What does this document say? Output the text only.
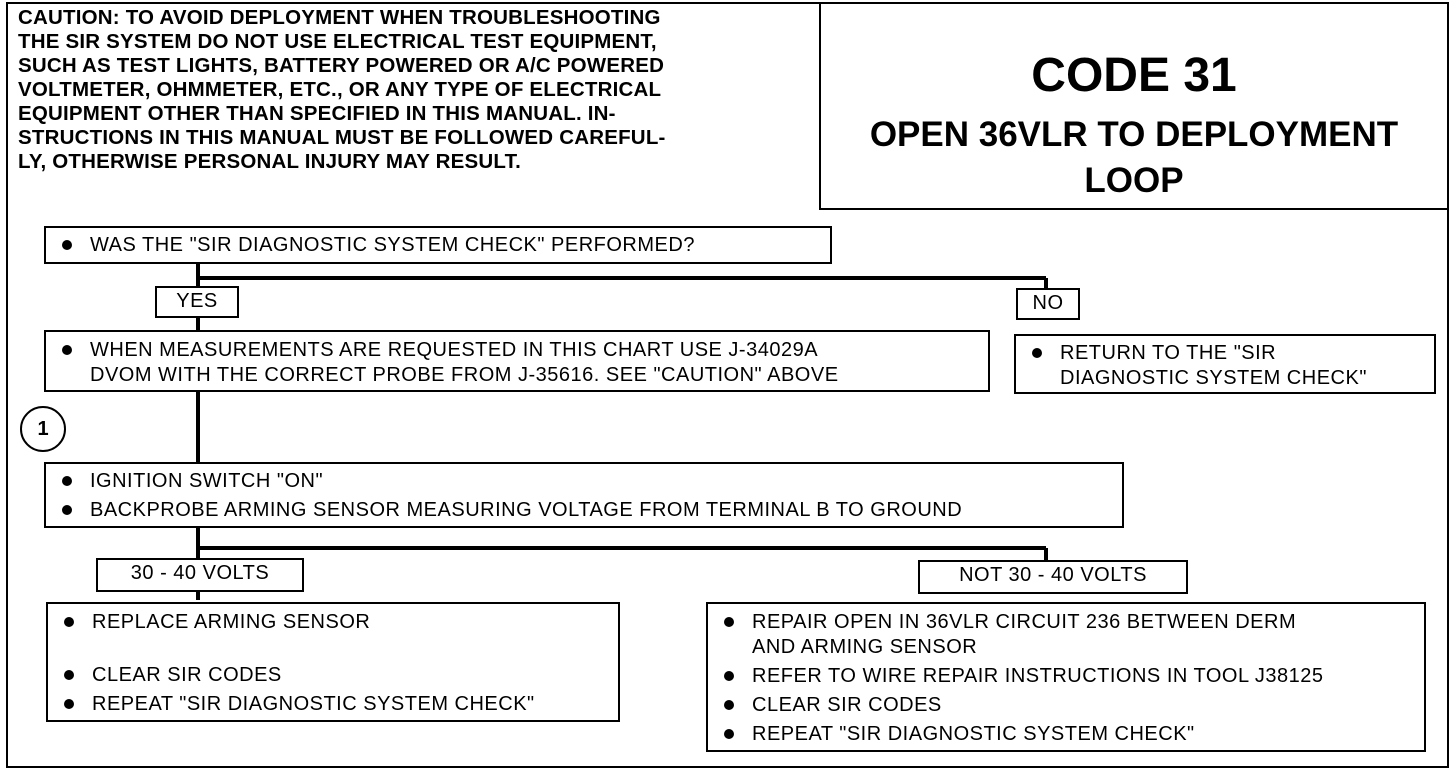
CAUTION: TO AVOID DEPLOYMENT WHEN TROUBLESHOOTING
THE SIR SYSTEM DO NOT USE ELECTRICAL TEST EQUIPMENT,
SUCH AS TEST LIGHTS, BATTERY POWERED OR A/C POWERED
VOLTMETER, OHMMETER, ETC., OR ANY TYPE OF ELECTRICAL
EQUIPMENT OTHER THAN SPECIFIED IN THIS MANUAL. IN-
STRUCTIONS IN THIS MANUAL MUST BE FOLLOWED CAREFUL-
LY, OTHERWISE PERSONAL INJURY MAY RESULT.
CODE 31
OPEN 36VLR TO DEPLOYMENT
LOOP
WAS THE "SIR DIAGNOSTIC SYSTEM CHECK" PERFORMED?
YES	NO
WHEN MEASUREMENTS ARE REQUESTED IN THIS CHART USE J-34029A
DVOM WITH THE CORRECT PROBE FROM J-35616. SEE "CAUTION" ABOVE
RETURN TO THE "SIR
DIAGNOSTIC SYSTEM CHECK"
1
IGNITION SWITCH "ON"
BACKPROBE ARMING SENSOR MEASURING VOLTAGE FROM TERMINAL B TO GROUND
30 - 40 VOLTS	NOT 30 - 40 VOLTS
REPLACE ARMING SENSOR
CLEAR SIR CODES
REPEAT "SIR DIAGNOSTIC SYSTEM CHECK"
REPAIR OPEN IN 36VLR CIRCUIT 236 BETWEEN DERM
AND ARMING SENSOR
REFER TO WIRE REPAIR INSTRUCTIONS IN TOOL J38125
CLEAR SIR CODES
REPEAT "SIR DIAGNOSTIC SYSTEM CHECK"
